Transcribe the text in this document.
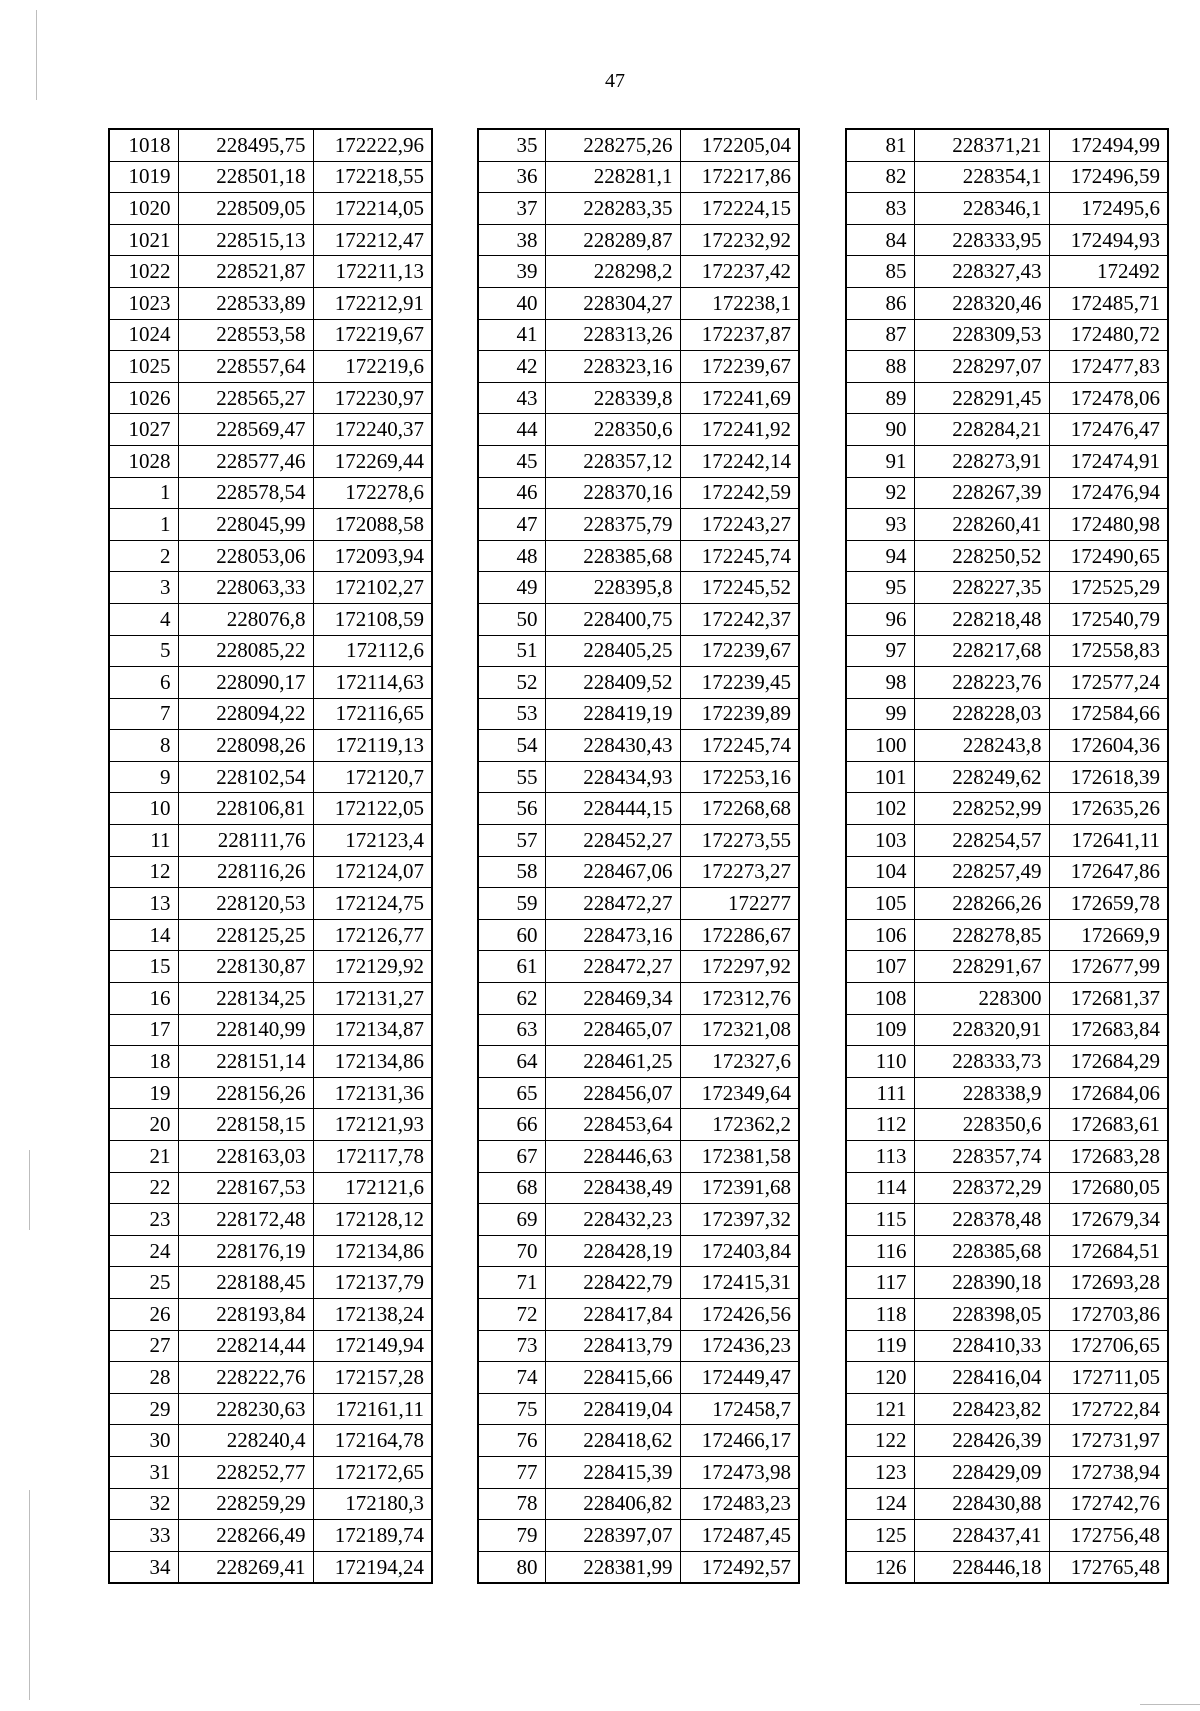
47
1018	228495,75	172222,96
1019	228501,18	172218,55
1020	228509,05	172214,05
1021	228515,13	172212,47
1022	228521,87	172211,13
1023	228533,89	172212,91
1024	228553,58	172219,67
1025	228557,64	172219,6
1026	228565,27	172230,97
1027	228569,47	172240,37
1028	228577,46	172269,44
1	228578,54	172278,6
1	228045,99	172088,58
2	228053,06	172093,94
3	228063,33	172102,27
4	228076,8	172108,59
5	228085,22	172112,6
6	228090,17	172114,63
7	228094,22	172116,65
8	228098,26	172119,13
9	228102,54	172120,7
10	228106,81	172122,05
11	228111,76	172123,4
12	228116,26	172124,07
13	228120,53	172124,75
14	228125,25	172126,77
15	228130,87	172129,92
16	228134,25	172131,27
17	228140,99	172134,87
18	228151,14	172134,86
19	228156,26	172131,36
20	228158,15	172121,93
21	228163,03	172117,78
22	228167,53	172121,6
23	228172,48	172128,12
24	228176,19	172134,86
25	228188,45	172137,79
26	228193,84	172138,24
27	228214,44	172149,94
28	228222,76	172157,28
29	228230,63	172161,11
30	228240,4	172164,78
31	228252,77	172172,65
32	228259,29	172180,3
33	228266,49	172189,74
34	228269,41	172194,24
35	228275,26	172205,04
36	228281,1	172217,86
37	228283,35	172224,15
38	228289,87	172232,92
39	228298,2	172237,42
40	228304,27	172238,1
41	228313,26	172237,87
42	228323,16	172239,67
43	228339,8	172241,69
44	228350,6	172241,92
45	228357,12	172242,14
46	228370,16	172242,59
47	228375,79	172243,27
48	228385,68	172245,74
49	228395,8	172245,52
50	228400,75	172242,37
51	228405,25	172239,67
52	228409,52	172239,45
53	228419,19	172239,89
54	228430,43	172245,74
55	228434,93	172253,16
56	228444,15	172268,68
57	228452,27	172273,55
58	228467,06	172273,27
59	228472,27	172277
60	228473,16	172286,67
61	228472,27	172297,92
62	228469,34	172312,76
63	228465,07	172321,08
64	228461,25	172327,6
65	228456,07	172349,64
66	228453,64	172362,2
67	228446,63	172381,58
68	228438,49	172391,68
69	228432,23	172397,32
70	228428,19	172403,84
71	228422,79	172415,31
72	228417,84	172426,56
73	228413,79	172436,23
74	228415,66	172449,47
75	228419,04	172458,7
76	228418,62	172466,17
77	228415,39	172473,98
78	228406,82	172483,23
79	228397,07	172487,45
80	228381,99	172492,57
81	228371,21	172494,99
82	228354,1	172496,59
83	228346,1	172495,6
84	228333,95	172494,93
85	228327,43	172492
86	228320,46	172485,71
87	228309,53	172480,72
88	228297,07	172477,83
89	228291,45	172478,06
90	228284,21	172476,47
91	228273,91	172474,91
92	228267,39	172476,94
93	228260,41	172480,98
94	228250,52	172490,65
95	228227,35	172525,29
96	228218,48	172540,79
97	228217,68	172558,83
98	228223,76	172577,24
99	228228,03	172584,66
100	228243,8	172604,36
101	228249,62	172618,39
102	228252,99	172635,26
103	228254,57	172641,11
104	228257,49	172647,86
105	228266,26	172659,78
106	228278,85	172669,9
107	228291,67	172677,99
108	228300	172681,37
109	228320,91	172683,84
110	228333,73	172684,29
111	228338,9	172684,06
112	228350,6	172683,61
113	228357,74	172683,28
114	228372,29	172680,05
115	228378,48	172679,34
116	228385,68	172684,51
117	228390,18	172693,28
118	228398,05	172703,86
119	228410,33	172706,65
120	228416,04	172711,05
121	228423,82	172722,84
122	228426,39	172731,97
123	228429,09	172738,94
124	228430,88	172742,76
125	228437,41	172756,48
126	228446,18	172765,48
